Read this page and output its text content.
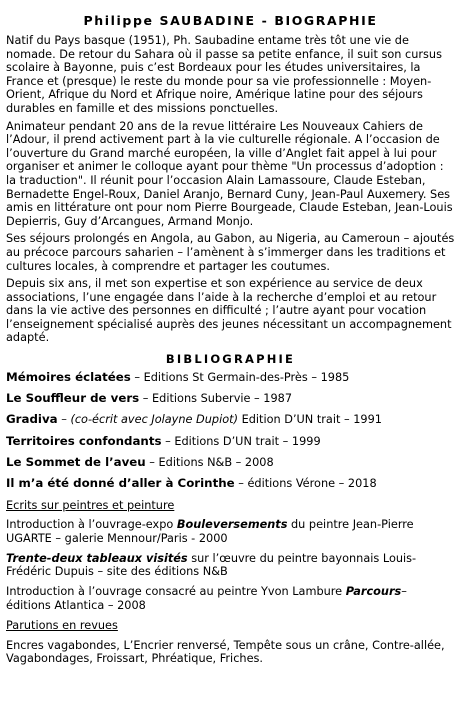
Philippe SAUBADINE - BIOGRAPHIE

Natif du Pays basque (1951), Ph. Saubadine entame très tôt une vie de nomade. De retour du Sahara où il passe sa petite enfance, il suit son cursus scolaire à Bayonne, puis c’est Bordeaux pour les études universitaires, la France et (presque) le reste du monde pour sa vie professionnelle : Moyen-Orient, Afrique du Nord et Afrique noire, Amérique latine pour des séjours durables en famille et des missions ponctuelles.

Animateur pendant 20 ans de la revue littéraire Les Nouveaux Cahiers de l’Adour, il prend activement part à la vie culturelle régionale. A l’occasion de l’ouverture du Grand marché européen, la ville d’Anglet fait appel à lui pour organiser et animer le colloque ayant pour thème "Un processus d’adoption : la traduction". Il réunit pour l’occasion Alain Lamassoure, Claude Esteban, Bernadette Engel-Roux, Daniel Aranjo, Bernard Cuny, Jean-Paul Auxemery. Ses amis en littérature ont pour nom Pierre Bourgeade, Claude Esteban, Jean-Louis Depierris, Guy d’Arcangues, Armand Monjo.

Ses séjours prolongés en Angola, au Gabon, au Nigeria, au Cameroun – ajoutés au précoce parcours saharien – l’amènent à s’immerger dans les traditions et cultures locales, à comprendre et partager les coutumes.

Depuis six ans, il met son expertise et son expérience au service de deux associations, l’une engagée dans l’aide à la recherche d’emploi et au retour dans la vie active des personnes en difficulté ; l’autre ayant pour vocation l’enseignement spécialisé auprès des jeunes nécessitant un accompagnement adapté.

BIBLIOGRAPHIE
Mémoires éclatées – Editions St Germain-des-Près – 1985
Le Souffleur de vers – Editions Subervie – 1987
Gradiva – (co-écrit avec Jolayne Dupiot) Edition D’UN trait – 1991
Territoires confondants – Editions D’UN trait – 1999
Le Sommet de l’aveu – Editions N&B – 2008
Il m’a été donné d’aller à Corinthe – éditions Vérone – 2018
Ecrits sur peintres et peinture

Introduction à l’ouvrage-expo Bouleversements du peintre Jean-Pierre UGARTE – galerie Mennour/Paris - 2000

Trente-deux tableaux visités sur l’œuvre du peintre bayonnais Louis-Frédéric Dupuis – site des éditions N&B

Introduction à l’ouvrage consacré au peintre Yvon Lambure Parcours– éditions Atlantica – 2008

Parutions en revues

Encres vagabondes, L’Encrier renversé, Tempête sous un crâne, Contre-allée, Vagabondages, Froissart, Phréatique, Friches.
